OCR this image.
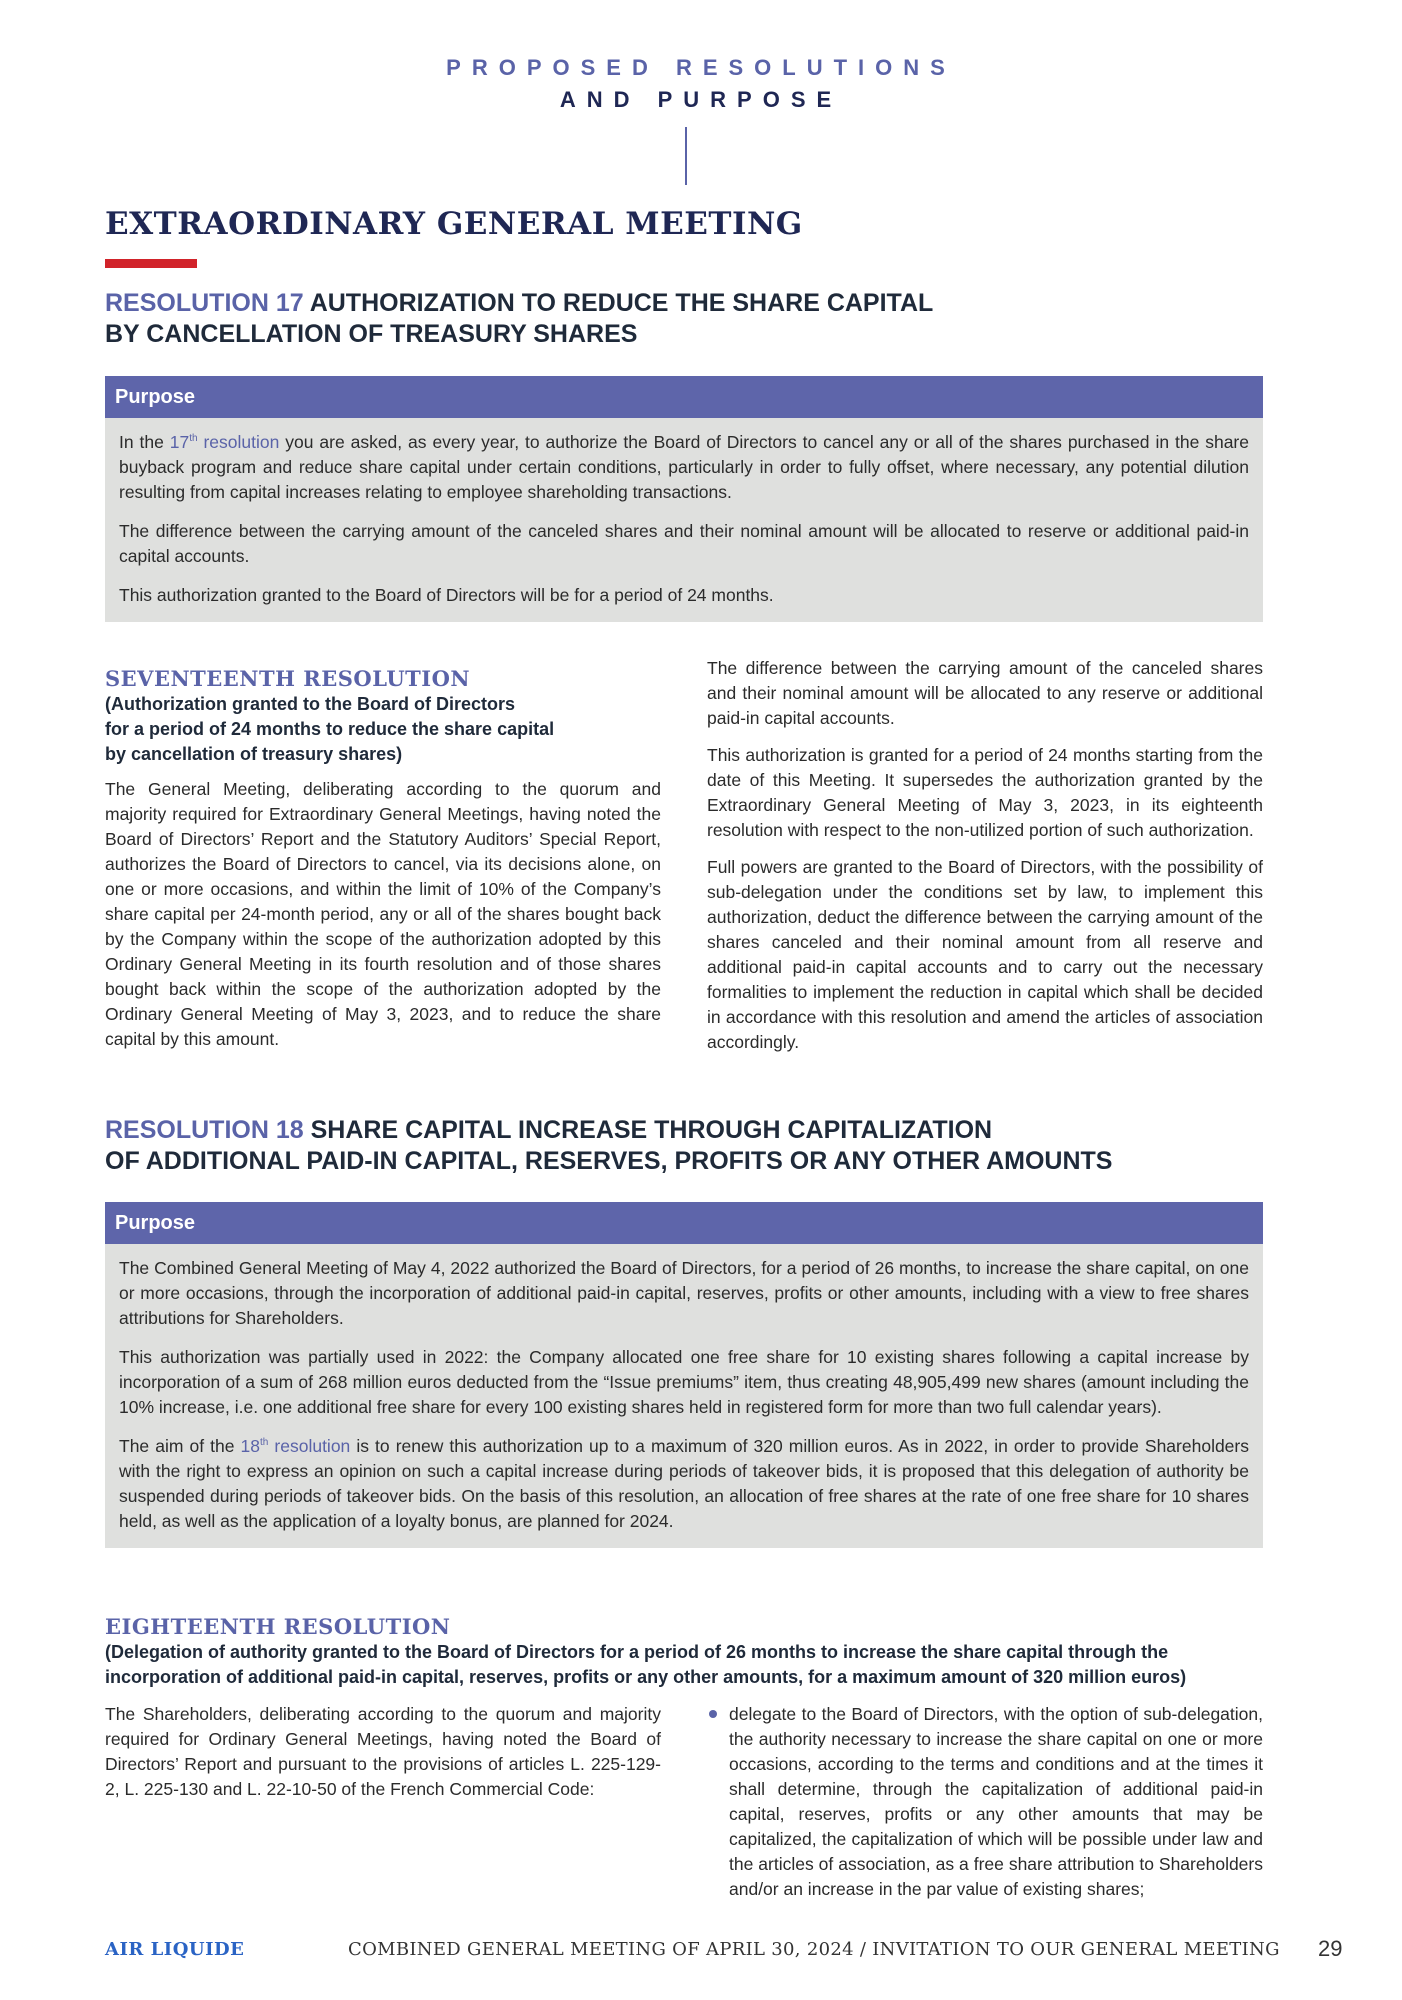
PROPOSED RESOLUTIONS
AND PURPOSE
EXTRAORDINARY GENERAL MEETING
RESOLUTION 17 AUTHORIZATION TO REDUCE THE SHARE CAPITAL
BY CANCELLATION OF TREASURY SHARES
Purpose

In the 17th resolution you are asked, as every year, to authorize the Board of Directors to cancel any or all of the shares purchased in the share buyback program and reduce share capital under certain conditions, particularly in order to fully offset, where necessary, any potential dilution resulting from capital increases relating to employee shareholding transactions.

The difference between the carrying amount of the canceled shares and their nominal amount will be allocated to reserve or additional paid-in capital accounts.

This authorization granted to the Board of Directors will be for a period of 24 months.

SEVENTEENTH RESOLUTION
(Authorization granted to the Board of Directors
for a period of 24 months to reduce the share capital
by cancellation of treasury shares)

The General Meeting, deliberating according to the quorum and majority required for Extraordinary General Meetings, having noted the Board of Directors’ Report and the Statutory Auditors’ Special Report, authorizes the Board of Directors to cancel, via its decisions alone, on one or more occasions, and within the limit of 10% of the Company’s share capital per 24-month period, any or all of the shares bought back by the Company within the scope of the authorization adopted by this Ordinary General Meeting in its fourth resolution and of those shares bought back within the scope of the authorization adopted by the Ordinary General Meeting of May 3, 2023, and to reduce the share capital by this amount.

The difference between the carrying amount of the canceled shares and their nominal amount will be allocated to any reserve or additional paid-in capital accounts.

This authorization is granted for a period of 24 months starting from the date of this Meeting. It supersedes the authorization granted by the Extraordinary General Meeting of May 3, 2023, in its eighteenth resolution with respect to the non-utilized portion of such authorization.

Full powers are granted to the Board of Directors, with the possibility of sub-delegation under the conditions set by law, to implement this authorization, deduct the difference between the carrying amount of the shares canceled and their nominal amount from all reserve and additional paid-in capital accounts and to carry out the necessary formalities to implement the reduction in capital which shall be decided in accordance with this resolution and amend the articles of association accordingly.

RESOLUTION 18 SHARE CAPITAL INCREASE THROUGH CAPITALIZATION
OF ADDITIONAL PAID-IN CAPITAL, RESERVES, PROFITS OR ANY OTHER AMOUNTS
Purpose

The Combined General Meeting of May 4, 2022 authorized the Board of Directors, for a period of 26 months, to increase the share capital, on one or more occasions, through the incorporation of additional paid-in capital, reserves, profits or other amounts, including with a view to free shares attributions for Shareholders.

This authorization was partially used in 2022: the Company allocated one free share for 10 existing shares following a capital increase by incorporation of a sum of 268 million euros deducted from the “Issue premiums” item, thus creating 48,905,499 new shares (amount including the 10% increase, i.e. one additional free share for every 100 existing shares held in registered form for more than two full calendar years).

The aim of the 18th resolution is to renew this authorization up to a maximum of 320 million euros. As in 2022, in order to provide Shareholders with the right to express an opinion on such a capital increase during periods of takeover bids, it is proposed that this delegation of authority be suspended during periods of takeover bids. On the basis of this resolution, an allocation of free shares at the rate of one free share for 10 shares held, as well as the application of a loyalty bonus, are planned for 2024.

EIGHTEENTH RESOLUTION
(Delegation of authority granted to the Board of Directors for a period of 26 months to increase the share capital through the incorporation of additional paid-in capital, reserves, profits or any other amounts, for a maximum amount of 320 million euros)

The Shareholders, deliberating according to the quorum and majority required for Ordinary General Meetings, having noted the Board of Directors’ Report and pursuant to the provisions of articles L. 225-129-2, L. 225-130 and L. 22-10-50 of the French Commercial Code:

delegate to the Board of Directors, with the option of sub-delegation, the authority necessary to increase the share capital on one or more occasions, according to the terms and conditions and at the times it shall determine, through the capitalization of additional paid-in capital, reserves, profits or any other amounts that may be capitalized, the capitalization of which will be possible under law and the articles of association, as a free share attribution to Shareholders and/or an increase in the par value of existing shares;

AIR LIQUIDE	COMBINED GENERAL MEETING OF APRIL 30, 2024 / INVITATION TO OUR GENERAL MEETING 29
